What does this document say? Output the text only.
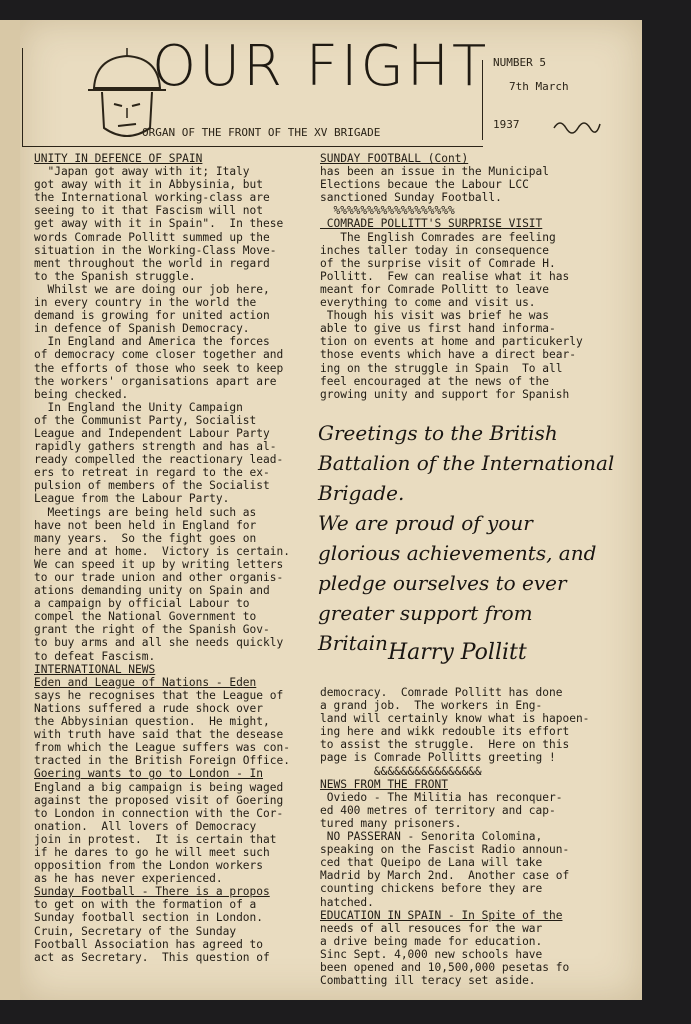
OUR FIGHT
ORGAN OF THE FRONT OF THE XV BRIGADE
NUMBER 5
7th March
1937

UNITY IN DEFENCE OF SPAIN

"Japan got away with it; Italy

got away with it in Abbysinia, but

the International working-class are

seeing to it that Fascism will not

get away with it in Spain".  In these

words Comrade Pollitt summed up the

situation in the Working-Class Move-

ment throughout the world in regard

to the Spanish struggle.

Whilst we are doing our job here,

in every country in the world the

demand is growing for united action

in defence of Spanish Democracy.

In England and America the forces

of democracy come closer together and

the efforts of those who seek to keep

the workers' organisations apart are

being checked.

In England the Unity Campaign

of the Communist Party, Socialist

League and Independent Labour Party

rapidly gathers strength and has al-

ready compelled the reactionary lead-

ers to retreat in regard to the ex-

pulsion of members of the Socialist

League from the Labour Party.

Meetings are being held such as

have not been held in England for

many years.  So the fight goes on

here and at home.  Victory is certain.

We can speed it up by writing letters

to our trade union and other organis-

ations demanding unity on Spain and

a campaign by official Labour to

compel the National Government to

grant the right of the Spanish Gov-

to buy arms and all she needs quickly

to defeat Fascism.

INTERNATIONAL NEWS

Eden and League of Nations - Eden

says he recognises that the League of

Nations suffered a rude shock over

the Abbysinian question.  He might,

with truth have said that the desease

from which the League suffers was con-

tracted in the British Foreign Office.

Goering wants to go to London - In

England a big campaign is being waged

against the proposed visit of Goering

to London in connection with the Cor-

onation.  All lovers of Democracy

join in protest.  It is certain that

if he dares to go he will meet such

opposition from the London workers

as he has never experienced.

Sunday Football - There is a propos

to get on with the formation of a

Sunday football section in London.

Cruin, Secretary of the Sunday

Football Association has agreed to

act as Secretary.  This question of

SUNDAY FOOTBALL (Cont)

has been an issue in the Municipal

Elections becaue the Labour LCC

sanctioned Sunday Football.

%%%%%%%%%%%%%%%%%%

COMRADE POLLITT'S SURPRISE VISIT

The English Comrades are feeling

inches taller today in consequence

of the surprise visit of Comrade H.

Pollitt.  Few can realise what it has

meant for Comrade Pollitt to leave

everything to come and visit us.

Though his visit was brief he was

able to give us first hand informa-

tion on events at home and particukerly

those events which have a direct bear-

ing on the struggle in Spain  To all

feel encouraged at the news of the

growing unity and support for Spanish

Greetings to the British
Battalion of the International
Brigade.
We are proud of your
glorious achievements, and
pledge ourselves to ever
greater support from
Britain Harry Pollitt

democracy.  Comrade Pollitt has done

a grand job.  The workers in Eng-

land will certainly know what is hapoen-

ing here and wikk redouble its effort

to assist the struggle.  Here on this

page is Comrade Pollitts greeting !

&&&&&&&&&&&&&&&&

NEWS FROM THE FRONT

Oviedo - The Militia has reconquer-

ed 400 metres of territory and cap-

tured many prisoners.

NO PASSERAN - Senorita Colomina,

speaking on the Fascist Radio announ-

ced that Queipo de Lana will take

Madrid by March 2nd.  Another case of

counting chickens before they are

hatched.

EDUCATION IN SPAIN - In Spite of the

needs of all resouces for the war

a drive being made for education.

Sinc Sept. 4,000 new schools have

been opened and 10,500,000 pesetas fo

Combatting ill teracy set aside.
